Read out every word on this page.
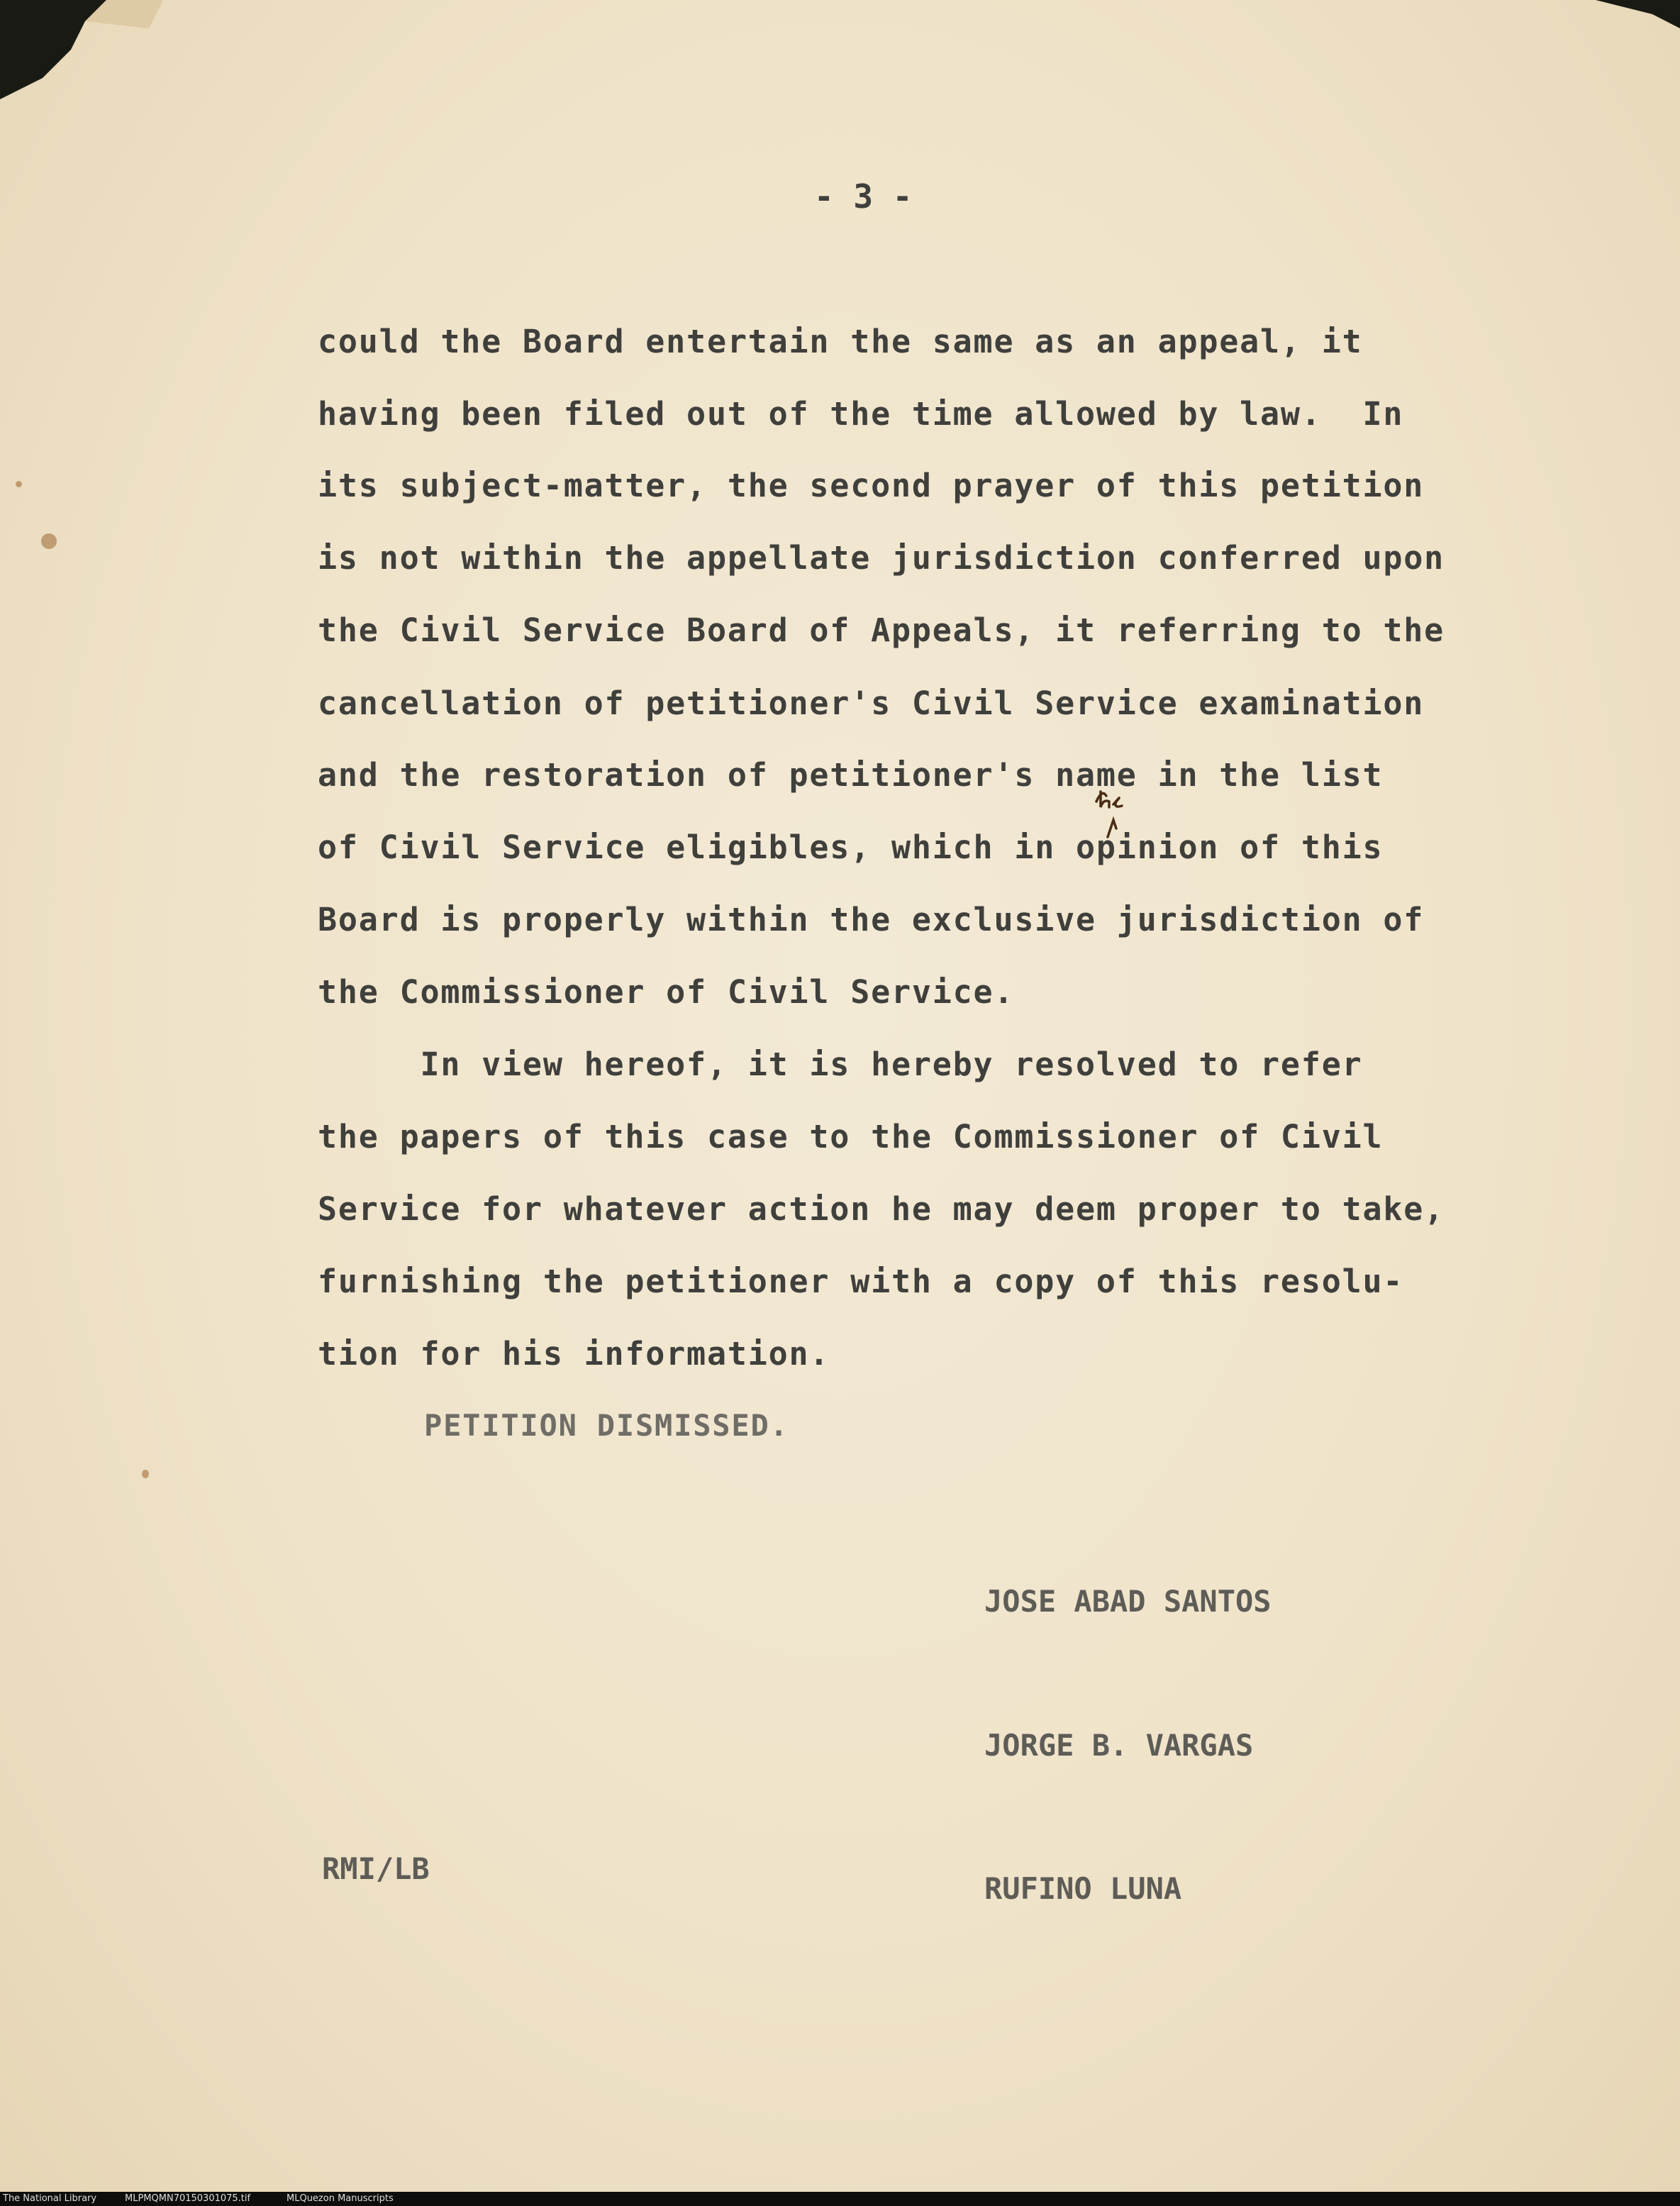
- 3 -
could the Board entertain the same as an appeal, it
having been filed out of the time allowed by law.  In
its subject-matter, the second prayer of this petition
is not within the appellate jurisdiction conferred upon
the Civil Service Board of Appeals, it referring to the
cancellation of petitioner's Civil Service examination
and the restoration of petitioner's name in the list
of Civil Service eligibles, which in opinion of this
Board is properly within the exclusive jurisdiction of
the Commissioner of Civil Service.
In view hereof, it is hereby resolved to refer
the papers of this case to the Commissioner of Civil
Service for whatever action he may deem proper to take,
furnishing the petitioner with a copy of this resolu-
tion for his information.
PETITION DISMISSED.
JOSE ABAD SANTOS
JORGE B. VARGAS
RUFINO LUNA
RMI/LB
The National Library	MLPMQMN70150301075.tif	MLQuezon Manuscripts
